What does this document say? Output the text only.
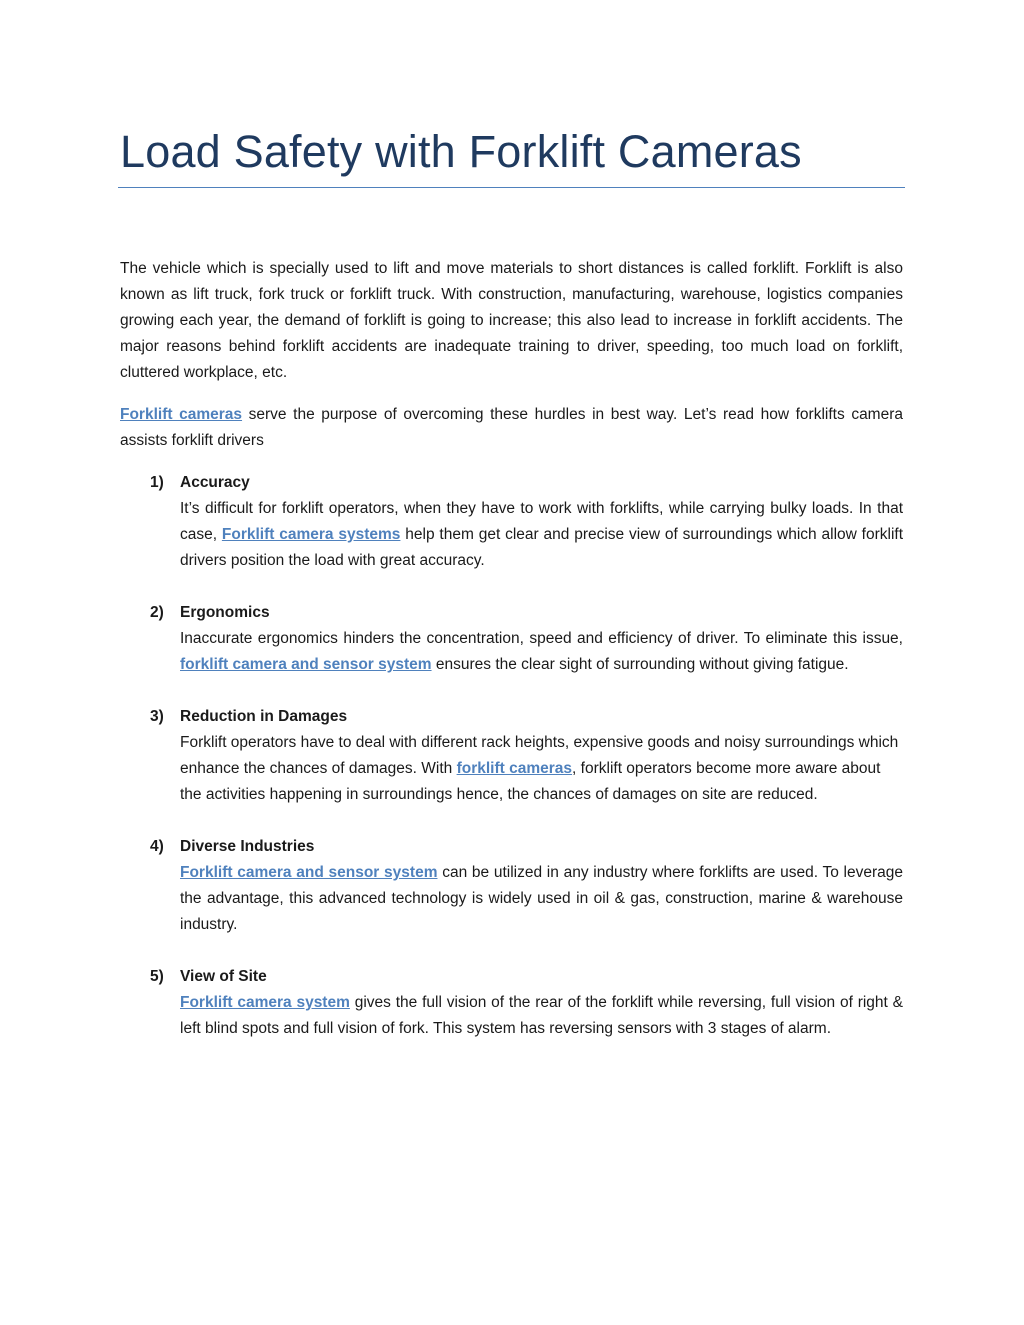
Load Safety with Forklift Cameras

The vehicle which is specially used to lift and move materials to short distances is called forklift. Forklift is also known as lift truck, fork truck or forklift truck. With construction, manufacturing, warehouse, logistics companies growing each year, the demand of forklift is going to increase; this also lead to increase in forklift accidents. The major reasons behind forklift accidents are inadequate training to driver, speeding, too much load on forklift, cluttered workplace, etc.

Forklift cameras serve the purpose of overcoming these hurdles in best way. Let’s read how forklifts camera assists forklift drivers

1) Accuracy
It’s difficult for forklift operators, when they have to work with forklifts, while carrying bulky loads. In that case, Forklift camera systems help them get clear and precise view of surroundings which allow forklift drivers position the load with great accuracy.
2) Ergonomics
Inaccurate ergonomics hinders the concentration, speed and efficiency of driver. To eliminate this issue, forklift camera and sensor system ensures the clear sight of surrounding without giving fatigue.
3) Reduction in Damages
Forklift operators have to deal with different rack heights, expensive goods and noisy surroundings which enhance the chances of damages. With forklift cameras, forklift operators become more aware about the activities happening in surroundings hence, the chances of damages on site are reduced.
4) Diverse Industries
Forklift camera and sensor system can be utilized in any industry where forklifts are used. To leverage the advantage, this advanced technology is widely used in oil & gas, construction, marine & warehouse industry.
5) View of Site
Forklift camera system gives the full vision of the rear of the forklift while reversing, full vision of right & left blind spots and full vision of fork. This system has reversing sensors with 3 stages of alarm.
